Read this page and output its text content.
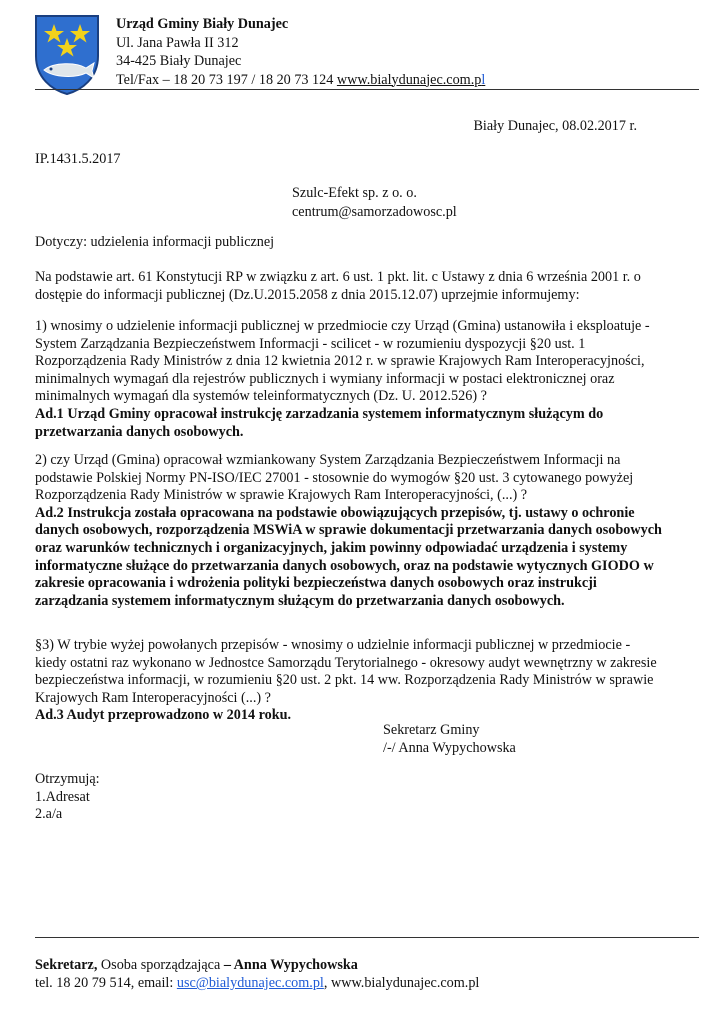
Urząd Gminy Biały Dunajec
Ul. Jana Pawła II 312
34-425 Biały Dunajec
Tel/Fax – 18 20 73 197 / 18 20 73 124 www.bialydunajec.com.pl
Biały Dunajec, 08.02.2017 r.
IP.1431.5.2017
Szulc-Efekt sp. z o. o.
centrum@samorzadowosc.pl
Dotyczy: udzielenia informacji publicznej
Na podstawie art. 61 Konstytucji RP w związku z art. 6 ust. 1 pkt. lit. c Ustawy z dnia 6 września 2001 r. o dostępie do informacji publicznej (Dz.U.2015.2058 z dnia 2015.12.07) uprzejmie informujemy:
1) wnosimy o udzielenie informacji publicznej w przedmiocie czy Urząd (Gmina) ustanowiła i eksploatuje - System Zarządzania Bezpieczeństwem Informacji - scilicet - w rozumieniu dyspozycji §20 ust. 1 Rozporządzenia Rady Ministrów z dnia 12 kwietnia 2012 r. w sprawie Krajowych Ram Interoperacyjności, minimalnych wymagań dla rejestrów publicznych i wymiany informacji w postaci elektronicznej oraz minimalnych wymagań dla systemów teleinformatycznych (Dz. U. 2012.526) ?
Ad.1 Urząd Gminy opracował instrukcję zarzadzania systemem informatycznym służącym do przetwarzania danych osobowych.
2) czy Urząd (Gmina) opracował wzmiankowany System Zarządzania Bezpieczeństwem Informacji na podstawie Polskiej Normy PN-ISO/IEC 27001 - stosownie do wymogów §20 ust. 3 cytowanego powyżej Rozporządzenia Rady Ministrów w sprawie Krajowych Ram Interoperacyjności, (...) ?
Ad.2 Instrukcja została opracowana na podstawie obowiązujących przepisów, tj. ustawy o ochronie danych osobowych, rozporządzenia MSWiA w sprawie dokumentacji przetwarzania danych osobowych oraz warunków technicznych i organizacyjnych, jakim powinny odpowiadać urządzenia i systemy informatyczne służące do przetwarzania danych osobowych, oraz na podstawie wytycznych GIODO w zakresie opracowania i wdrożenia polityki bezpieczeństwa danych osobowych oraz instrukcji zarządzania systemem informatycznym służącym do przetwarzania danych osobowych.
§3) W trybie wyżej powołanych przepisów - wnosimy o udzielnie informacji publicznej w przedmiocie - kiedy ostatni raz wykonano w Jednostce Samorządu Terytorialnego - okresowy audyt wewnętrzny w zakresie bezpieczeństwa informacji, w rozumieniu §20 ust. 2 pkt. 14 ww. Rozporządzenia Rady Ministrów w sprawie Krajowych Ram Interoperacyjności (...) ?
Ad.3 Audyt przeprowadzono w 2014 roku.
Sekretarz Gminy
/-/ Anna Wypychowska
Otrzymują:
1.Adresat
2.a/a
Sekretarz, Osoba sporządzająca – Anna Wypychowska
tel. 18 20 79 514, email: usc@bialydunajec.com.pl, www.bialydunajec.com.pl
